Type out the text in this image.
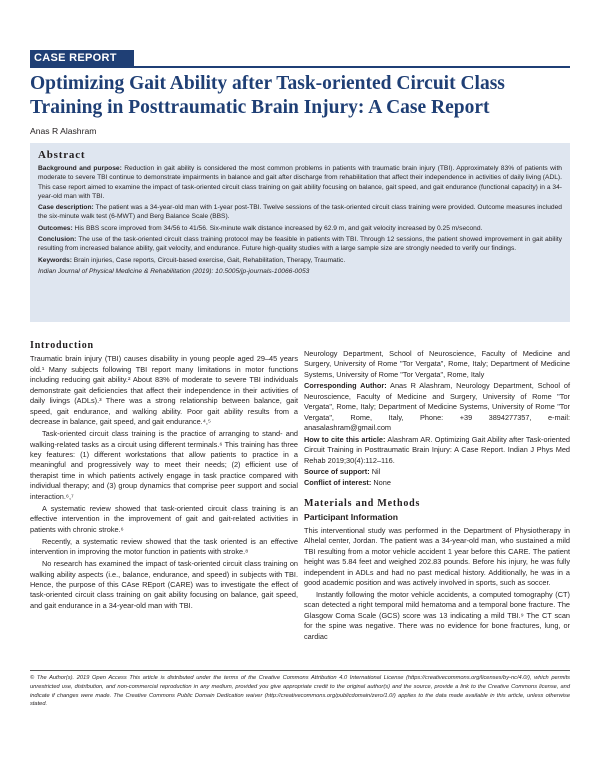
CASE REPORT
Optimizing Gait Ability after Task-oriented Circuit Class Training in Posttraumatic Brain Injury: A Case Report
Anas R Alashram
Abstract

Background and purpose: Reduction in gait ability is considered the most common problems in patients with traumatic brain injury (TBI). Approximately 83% of patients with moderate to severe TBI continue to demonstrate impairments in balance and gait after discharge from rehabilitation that affect their independence in activities of daily living (ADL). This case report aimed to examine the impact of task-oriented circuit class training on gait ability focusing on balance, gait speed, and gait endurance (functional capacity) in a 34-year-old man with TBI.

Case description: The patient was a 34-year-old man with 1-year post-TBI. Twelve sessions of the task-oriented circuit class training were provided. Outcome measures included the six-minute walk test (6-MWT) and Berg Balance Scale (BBS).

Outcomes: His BBS score improved from 34/56 to 41/56. Six-minute walk distance increased by 62.9 m, and gait velocity increased by 0.25 m/second.

Conclusion: The use of the task-oriented circuit class training protocol may be feasible in patients with TBI. Through 12 sessions, the patient showed improvement in gait ability resulting from increased balance ability, gait velocity, and endurance. Future high-quality studies with a large sample size are strongly needed to verify our findings.

Keywords: Brain injuries, Case reports, Circuit-based exercise, Gait, Rehabilitation, Therapy, Traumatic.

Indian Journal of Physical Medicine & Rehabilitation (2019): 10.5005/jp-journals-10066-0053

Introduction

Traumatic brain injury (TBI) causes disability in young people aged 29–45 years old.¹ Many subjects following TBI report many limitations in motor functions including reducing gait ability.² About 83% of moderate to severe TBI individuals demonstrate gait deficiencies that affect their independence in their activities of daily livings (ADLs).³ There was a strong relationship between balance, gait speed, gait endurance, and walking ability. Poor gait ability results from a decrease in balance, gait speed, and gait endurance.⁴,⁵

Task-oriented circuit class training is the practice of arranging to stand- and walking-related tasks as a circuit using different terminals.⁶ This training has three key features: (1) different workstations that allow patients to practice in a meaningful and progressively way to meet their needs; (2) efficient use of therapist time in which patients actively engage in task practice compared with individual therapy; and (3) group dynamics that comprise peer support and social interaction.⁶,⁷

A systematic review showed that task-oriented circuit class training is an effective intervention in the improvement of gait and gait-related activities in patients with chronic stroke.⁶

Recently, a systematic review showed that the task oriented is an effective intervention in improving the motor function in patients with stroke.⁸

No research has examined the impact of task-oriented circuit class training on walking ability aspects (i.e., balance, endurance, and speed) in subjects with TBI. Hence, the purpose of this CAse REport (CARE) was to investigate the effect of task-oriented circuit class training on gait ability focusing on balance, gait speed, and gait endurance in a 34-year-old man with TBI.

Neurology Department, School of Neuroscience, Faculty of Medicine and Surgery, University of Rome "Tor Vergata", Rome, Italy; Department of Medicine Systems, University of Rome "Tor Vergata", Rome, Italy

Corresponding Author: Anas R Alashram, Neurology Department, School of Neuroscience, Faculty of Medicine and Surgery, University of Rome "Tor Vergata", Rome, Italy; Department of Medicine Systems, University of Rome "Tor Vergata", Rome, Italy, Phone: +39 3894277357, e-mail: anasalashram@gmail.com

How to cite this article: Alashram AR. Optimizing Gait Ability after Task-oriented Circuit Training in Posttraumatic Brain Injury: A Case Report. Indian J Phys Med Rehab 2019;30(4):112–116.

Source of support: Nil

Conflict of interest: None

Materials and Methods
Participant Information

This interventional study was performed in the Department of Physiotherapy in Alhelal center, Jordan. The patient was a 34-year-old man, who sustained a mild TBI resulting from a motor vehicle accident 1 year before this CARE. The patient height was 5.84 feet and weighed 202.83 pounds. Before his injury, he was fully independent in ADLs and had no past medical history. Additionally, he was in a good academic position and was actively involved in sports, such as soccer.

Instantly following the motor vehicle accidents, a computed tomography (CT) scan detected a right temporal mild hematoma and a temporal bone fracture. The Glasgow Coma Scale (GCS) score was 13 indicating a mild TBI.⁹ The CT scan for the spine was negative. There was no evidence for bone fractures, lung, or cardiac

© The Author(s). 2019 Open Access This article is distributed under the terms of the Creative Commons Attribution 4.0 International License (https://creativecommons.org/licenses/by-nc/4.0/), which permits unrestricted use, distribution, and non-commercial reproduction in any medium, provided you give appropriate credit to the original author(s) and the source, provide a link to the Creative Commons license, and indicate if changes were made. The Creative Commons Public Domain Dedication waiver (http://creativecommons.org/publicdomain/zero/1.0/) applies to the data made available in this article, unless otherwise stated.
